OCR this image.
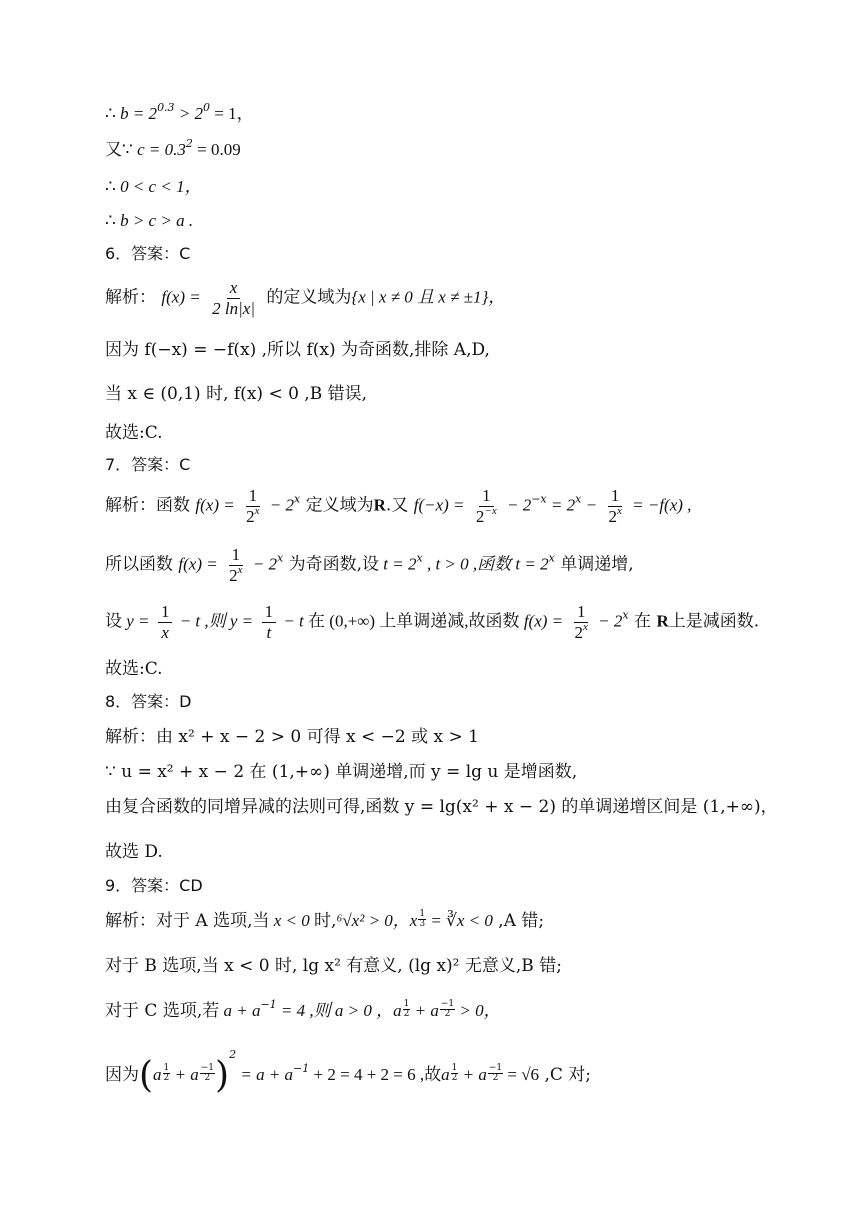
∴ $b = 2^{0.3} > 2^0 = 1$，
又∵ $c = 0.3^2 = 0.09$
∴ 0 < c < 1，
∴ b > c > a .
6．答案：C
解析： $f(x) = \frac{x}{2 \ln|x|}$ 的定义域为{x | x ≠ 0 且 x ≠ ±1}，
因为 f(−x) = −f(x) ,所以 f(x) 为奇函数,排除 A,D,
当 x ∈ (0,1) 时, f(x) < 0 ,B 错误,
故选:C.
7．答案：C
解析：函数 $f(x) = \frac{1}{2^x} - 2^x$ 定义域为R.又 $f(-x) = \frac{1}{2^{-x}} - 2^{-x} = 2^x - \frac{1}{2^x} = -f(x)$ ,
所以函数 $f(x) = \frac{1}{2^x} - 2^x$ 为奇函数,设 $t = 2^x$ , t > 0 ,函数 $t = 2^x$ 单调递增,
设 $y = \frac{1}{x} - t$ ,则 $y = \frac{1}{t} - t$ 在 (0,+∞) 上单调递减,故函数 $f(x) = \frac{1}{2^x} - 2^x$ 在 R上是减函数.
故选:C.
8．答案：D
解析：由 x² + x − 2 > 0 可得 x < −2 或 x > 1
∵ u = x² + x − 2 在 (1,+∞) 单调递增,而 y = lg u 是增函数,
由复合函数的同增异减的法则可得,函数 y = lg(x² + x − 2) 的单调递增区间是 (1,+∞)，
故选 D.
9．答案：CD
解析：对于 A 选项,当 x < 0 时,⁶√x² > 0，x $\frac{1}{3}$ = ∛x < 0 ,A 错;
对于 B 选项,当 x < 0 时, lg x² 有意义, (lg x)² 无意义,B 错;
对于 C 选项,若 $a + a^{-1} = 4$ ,则 a > 0 ，a $\frac{1}{2} + a \frac{-1}{2} > 0$，
因为$(a \frac{1}{2} + a \frac{-1}{2} )^2 = a + a^{-1} + 2 = 4 + 2 = 6$ ,故a $\frac{1}{2} + a \frac{-1}{2} = √6$ ,C 对;
